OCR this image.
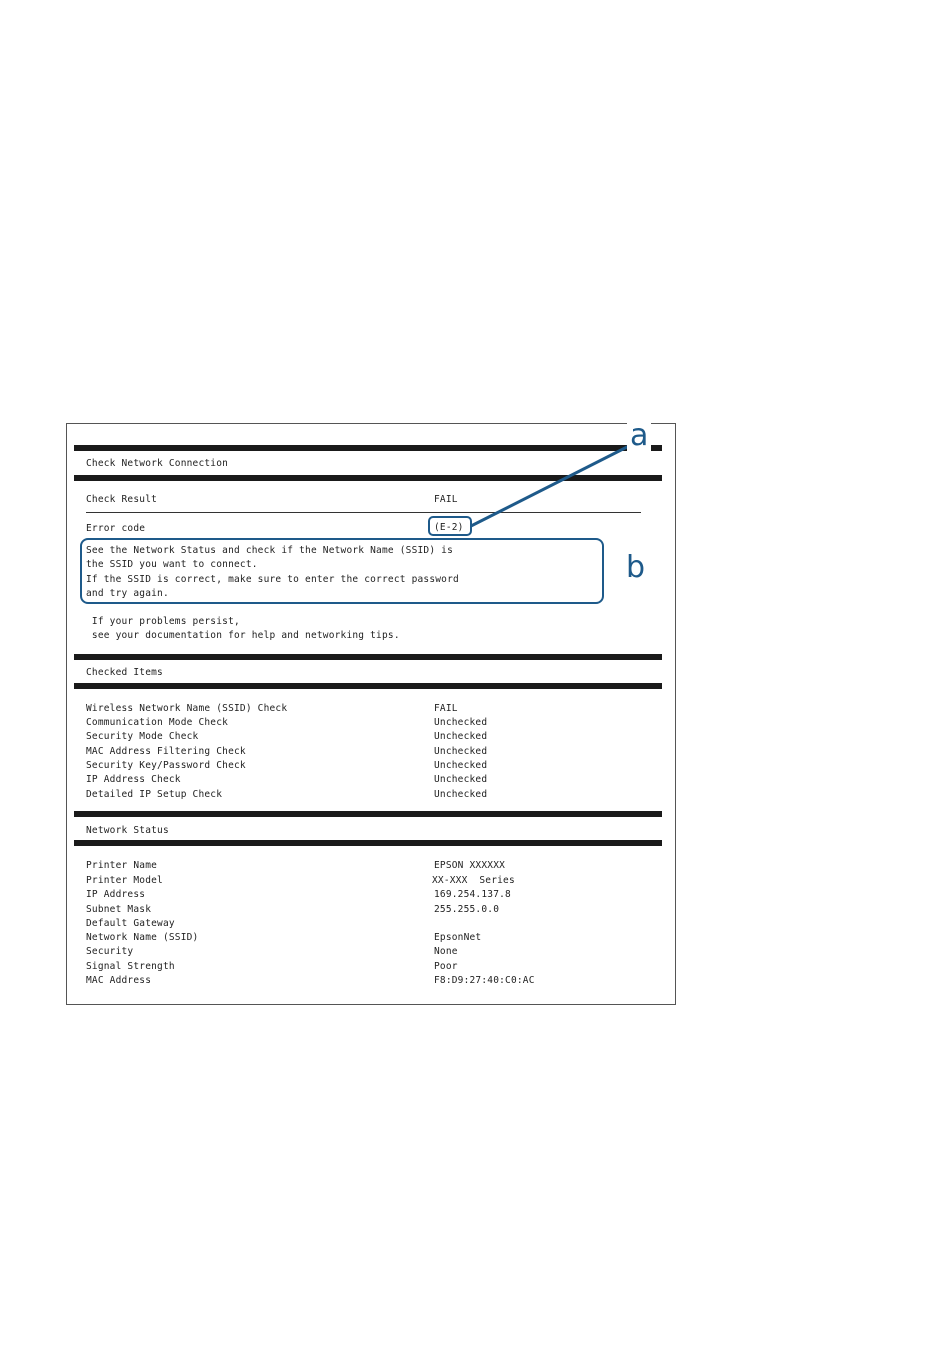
Check Network Connection
Check Result	FAIL
Error code	(E-2)
See the Network Status and check if the Network Name (SSID) is
the SSID you want to connect.
If the SSID is correct, make sure to enter the correct password
and try again.
If your problems persist,
see your documentation for help and networking tips.
Checked Items
Wireless Network Name (SSID) Check	FAIL
Communication Mode Check	Unchecked
Security Mode Check	Unchecked
MAC Address Filtering Check	Unchecked
Security Key/Password Check	Unchecked
IP Address Check	Unchecked
Detailed IP Setup Check	Unchecked
Network Status
Printer Name	EPSON XXXXXX
Printer Model	XX-XXX  Series
IP Address	169.254.137.8
Subnet Mask	255.255.0.0
Default Gateway
Network Name (SSID)	EpsonNet
Security	None
Signal Strength	Poor
MAC Address	F8:D9:27:40:C0:AC
a
b
